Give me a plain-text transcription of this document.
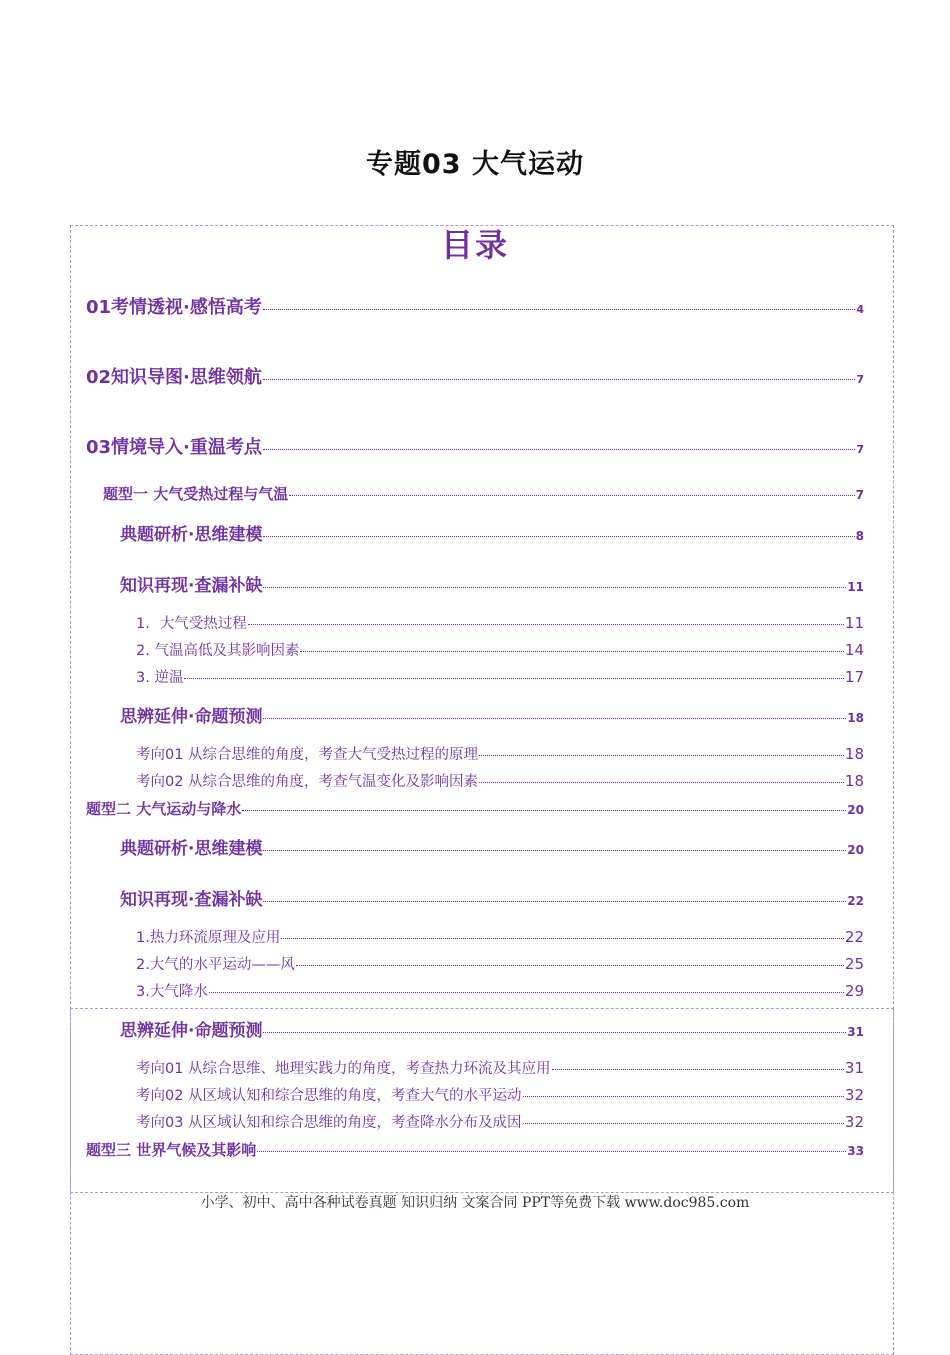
专题03 大气运动
目录
01考情透视·感悟高考	4
02知识导图·思维领航	7
03情境导入·重温考点	7
题型一 大气受热过程与气温	7
典题研析·思维建模	8
知识再现·查漏补缺	11
1．大气受热过程	11
2. 气温高低及其影响因素	14
3. 逆温	17
思辨延伸·命题预测	18
考向01 从综合思维的角度，考查大气受热过程的原理	18
考向02 从综合思维的角度，考查气温变化及影响因素	18
题型二 大气运动与降水	20
典题研析·思维建模	20
知识再现·查漏补缺	22
1.热力环流原理及应用	22
2.大气的水平运动——风	25
3.大气降水	29
思辨延伸·命题预测	31
考向01 从综合思维、地理实践力的角度，考查热力环流及其应用	31
考向02 从区域认知和综合思维的角度，考查大气的水平运动	32
考向03 从区域认知和综合思维的角度，考查降水分布及成因	32
题型三 世界气候及其影响	33
小学、初中、高中各种试卷真题 知识归纳 文案合同 PPT等免费下载 www.doc985.com
